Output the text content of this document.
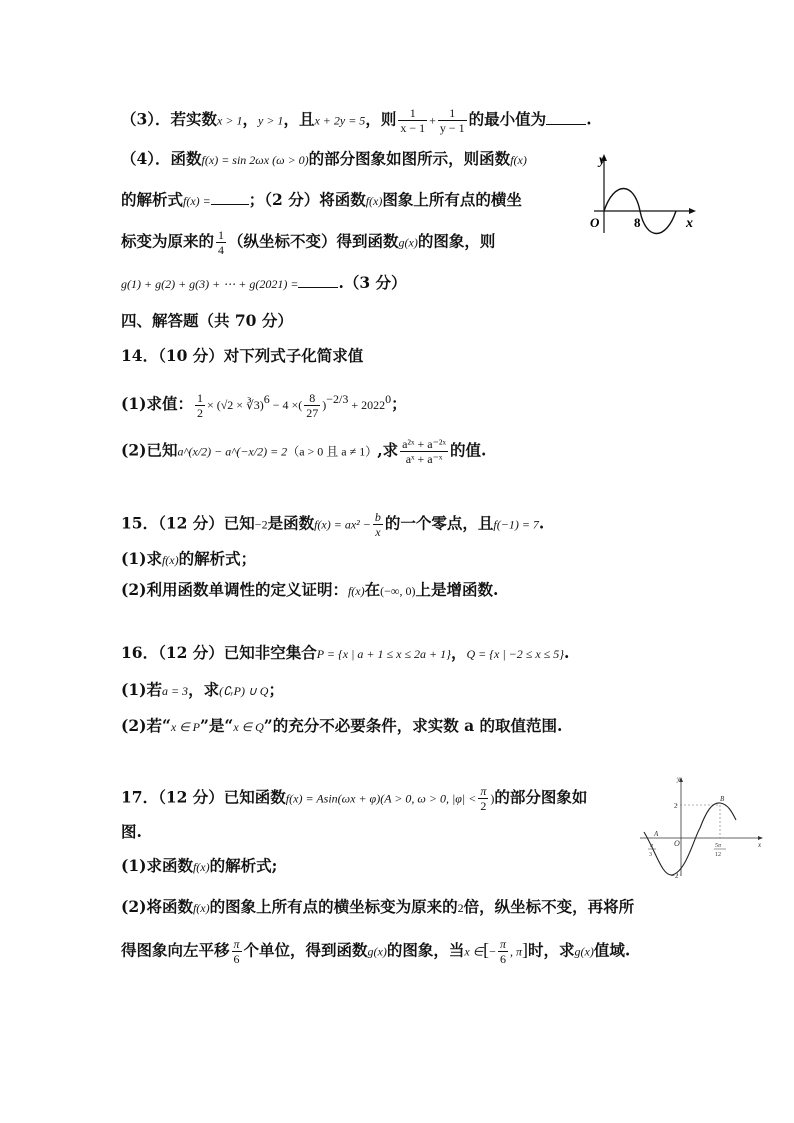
（3）．若实数x > 1，y > 1，且x + 2y = 5，则 $\frac{1}{x - 1} + \frac{1}{y - 1}$ 的最小值为	.
（4）．函数f(x) = sin 2ωx (ω > 0)的部分图象如图所示，则函数f(x)
的解析式f(x) = ；（2 分）将函数f(x)图象上所有点的横坐
标变为原来的 $\frac{1}{4}$ （纵坐标不变）得到函数g(x)的图象，则
g(1) + g(2) + g(3) + ⋯ + g(2021) =	.（3 分）
y
x
O	8
四、解答题（共 70 分）
14．（10 分）对下列式子化简求值
(1)求值： $\frac{1}{2} \times (√2$ × ∛3)$^6$ − 4 ×( $\frac{8}{27} )^{-2/3} + 2022^0$；
(2)已知a^(x/2) − a^(−x/2) = 2（a > 0 且 a ≠ 1）,求 $\frac{\text{a²ˣ + a⁻²ˣ}}{\text{aˣ + a⁻ˣ}}$ 的值.
15．（12 分）已知−2是函数$f(x) = ax^2 - \frac{b}{x}$ 的一个零点，且f(−1) = 7.
(1)求f(x)的解析式；
(2)利用函数单调性的定义证明：f(x)在(−∞, 0)上是增函数.
16．（12 分）已知非空集合P = {x | a + 1 ≤ x ≤ 2a + 1}，Q = {x | −2 ≤ x ≤ 5}.
(1)若a = 3，求(∁ᵣP) ∪ Q；
(2)若“x ∈ P”是“x ∈ Q”的充分不必要条件，求实数 a 的取值范围.
17．（12 分）已知函数f(x) = Asin(ωx + φ)(A > 0, ω > 0, $|\varphi| < \frac{\pi}{2}$ )的部分图象如
图.
(1)求函数f(x)的解析式;
(2)将函数f(x)的图象上所有点的横坐标变为原来的2倍，纵坐标不变，再将所
得图象向左平移 $\frac{\pi}{6}$ 个单位，得到函数g(x)的图象，当x ∈[− $\frac{\pi}{6}$ , π]时，求g(x)值域.
y
x
O
2
−2
A
B
π
3
5π
12
